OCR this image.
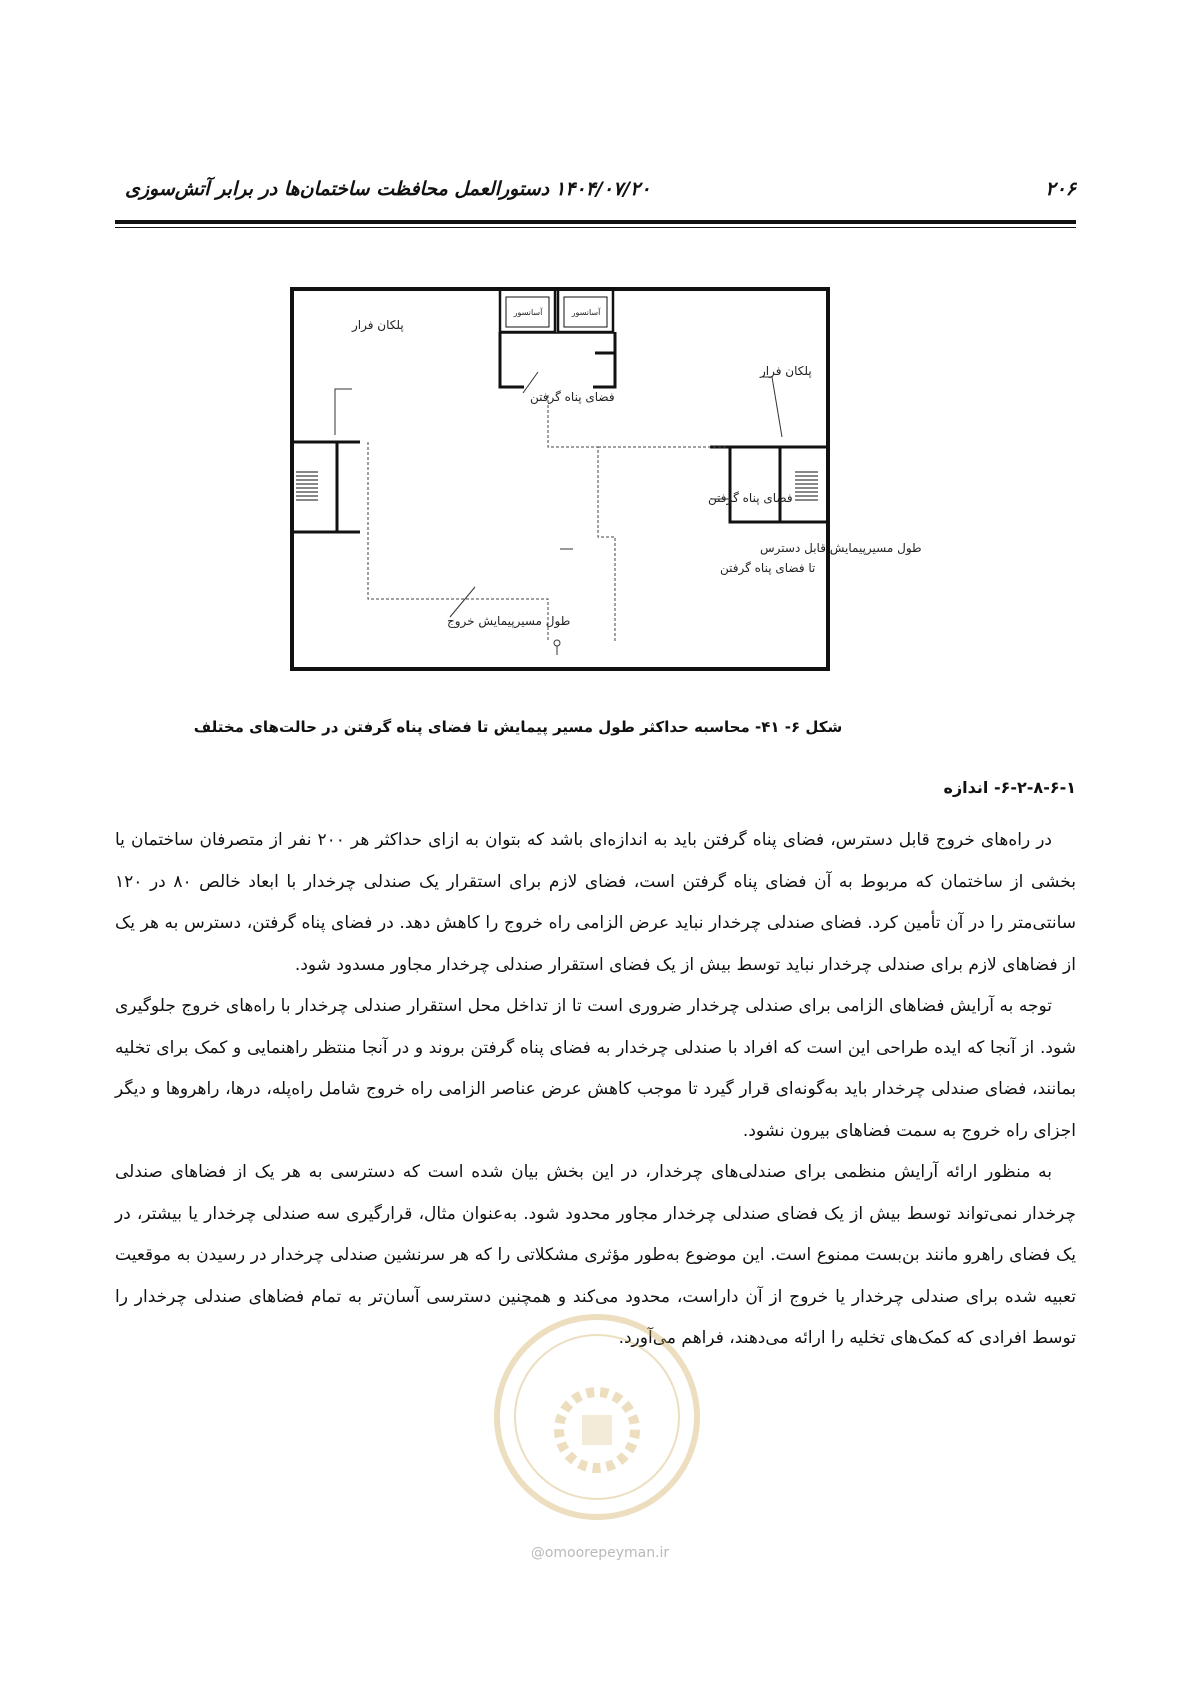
۲۰۶
۱۴۰۴/۰۷/۲۰
دستورالعمل محافظت ساختمان‌ها در برابر آتش‌سوزی
آسانسور	آسانسور
پلکان فرار
فضای پناه گرفتن
پلکان فرار
فضای پناه گرفتن
طول مسیرپیمایش قابل دسترس
تا فضای پناه گرفتن
طول مسیرپیمایش خروج
شکل ۶- ۴۱- محاسبه حداکثر طول مسیر پیمایش تا فضای پناه گرفتن در حالت‌های مختلف
۶-۲-۸-۶-۱- اندازه

در راه‌های خروج قابل دسترس، فضای پناه گرفتن باید به اندازه‌ای باشد که بتوان به ازای حداکثر هر ۲۰۰ نفر از متصرفان ساختمان یا بخشی از ساختمان که مربوط به آن فضای پناه گرفتن است، فضای لازم برای استقرار یک صندلی چرخدار با ابعاد خالص ۸۰ در ۱۲۰ سانتی‌متر را در آن تأمین کرد. فضای صندلی چرخدار نباید عرض الزامی راه خروج را کاهش دهد. در فضای پناه گرفتن، دسترس به هر یک از فضاهای لازم برای صندلی چرخدار نباید توسط بیش از یک فضای استقرار صندلی چرخدار مجاور مسدود شود.

توجه به آرایش فضاهای الزامی برای صندلی چرخدار ضروری است تا از تداخل محل استقرار صندلی چرخدار با راه‌های خروج جلوگیری شود. از آنجا که ایده طراحی این است که افراد با صندلی چرخدار به فضای پناه گرفتن بروند و در آنجا منتظر راهنمایی و کمک برای تخلیه بمانند، فضای صندلی چرخدار باید به‌گونه‌ای قرار گیرد تا موجب کاهش عرض عناصر الزامی راه خروج شامل راه‌پله، درها، راهروها و دیگر اجزای راه خروج به سمت فضاهای بیرون نشود.

به منظور ارائه آرایش منظمی برای صندلی‌های چرخدار، در این بخش بیان شده است که دسترسی به هر یک از فضاهای صندلی چرخدار نمی‌تواند توسط بیش از یک فضای صندلی چرخدار مجاور محدود شود. به‌عنوان مثال، قرارگیری سه صندلی چرخدار یا بیشتر، در یک فضای راهرو مانند بن‌بست ممنوع است. این موضوع به‌طور مؤثری مشکلاتی را که هر سرنشین صندلی چرخدار در رسیدن به موقعیت تعبیه شده برای صندلی چرخدار یا خروج از آن داراست، محدود می‌کند و همچنین دسترسی آسان‌تر به تمام فضاهای صندلی چرخدار را توسط افرادی که کمک‌های تخلیه را ارائه می‌دهند، فراهم می‌آورد.

@omoorepeyman.ir
